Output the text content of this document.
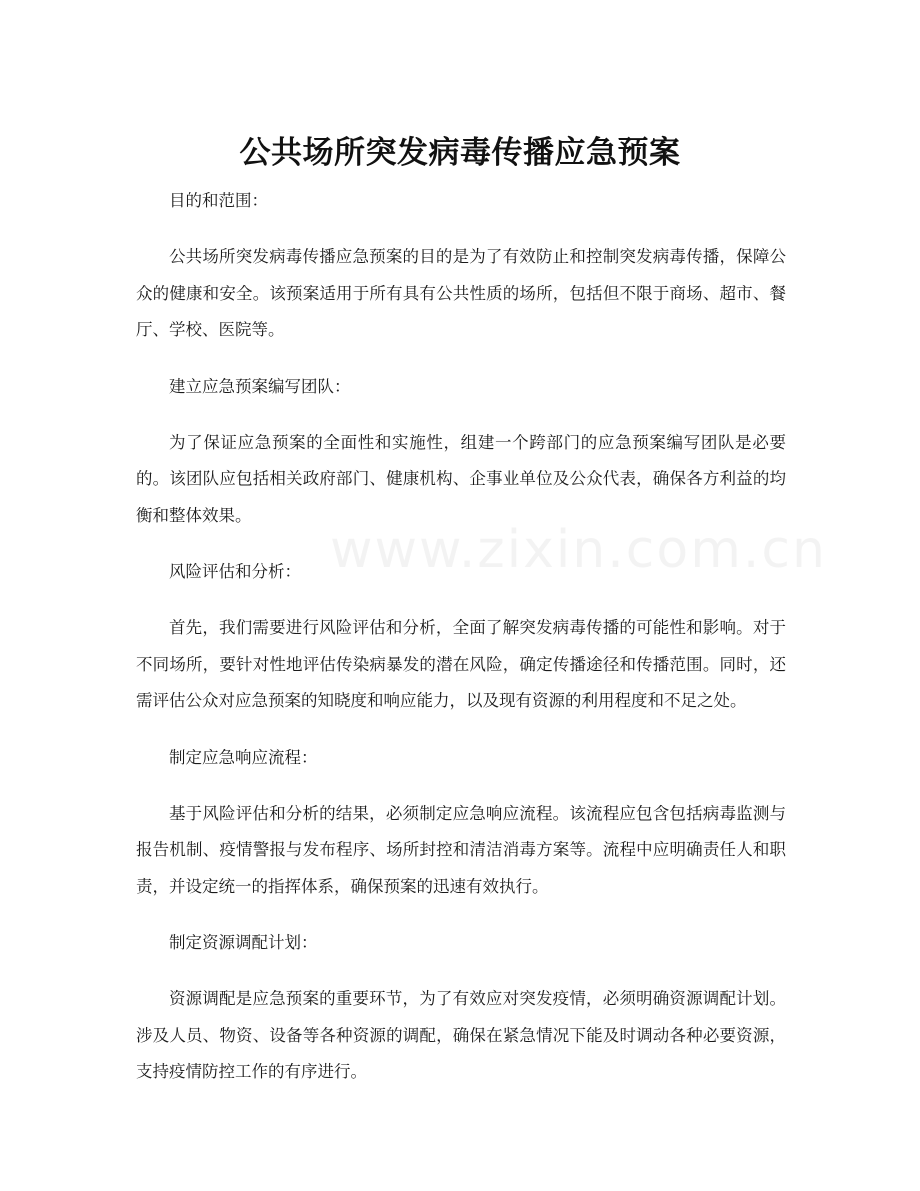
www.zixin.com.cn
公共场所突发病毒传播应急预案

目的和范围：

公共场所突发病毒传播应急预案的目的是为了有效防止和控制突发病毒传播，保障公众的健康和安全。该预案适用于所有具有公共性质的场所，包括但不限于商场、超市、餐厅、学校、医院等。

建立应急预案编写团队：

为了保证应急预案的全面性和实施性，组建一个跨部门的应急预案编写团队是必要的。该团队应包括相关政府部门、健康机构、企事业单位及公众代表，确保各方利益的均衡和整体效果。

风险评估和分析：

首先，我们需要进行风险评估和分析，全面了解突发病毒传播的可能性和影响。对于不同场所，要针对性地评估传染病暴发的潜在风险，确定传播途径和传播范围。同时，还需评估公众对应急预案的知晓度和响应能力，以及现有资源的利用程度和不足之处。

制定应急响应流程：

基于风险评估和分析的结果，必须制定应急响应流程。该流程应包含包括病毒监测与报告机制、疫情警报与发布程序、场所封控和清洁消毒方案等。流程中应明确责任人和职责，并设定统一的指挥体系，确保预案的迅速有效执行。

制定资源调配计划：

资源调配是应急预案的重要环节，为了有效应对突发疫情，必须明确资源调配计划。涉及人员、物资、设备等各种资源的调配，确保在紧急情况下能及时调动各种必要资源，支持疫情防控工作的有序进行。
